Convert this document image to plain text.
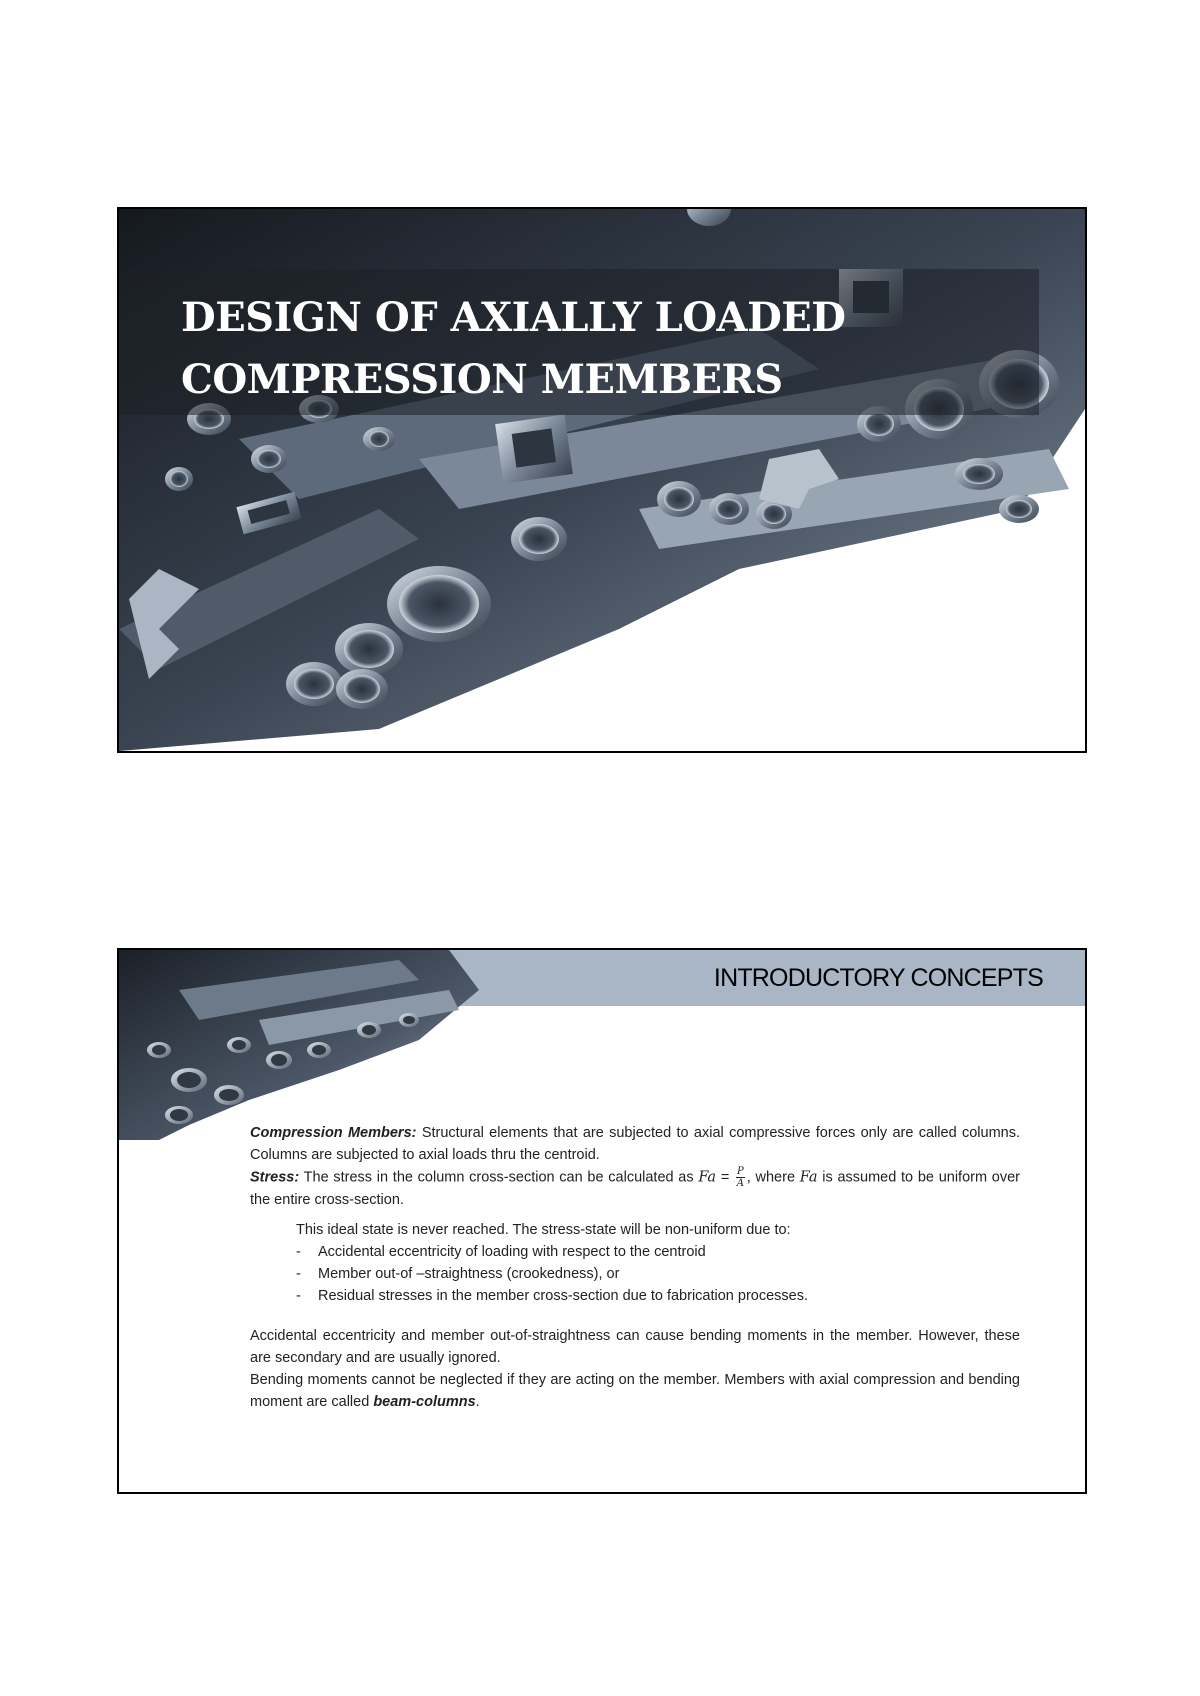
DESIGN OF AXIALLY LOADED
COMPRESSION MEMBERS
INTRODUCTORY CONCEPTS

Compression Members: Structural elements that are subjected to axial compressive forces only are called columns. Columns are subjected to axial loads thru the centroid.

Stress: The stress in the column cross-section can be calculated as $Fa = \frac{P}{A}$ , where Fa is assumed to be uniform over the entire cross-section.

This ideal state is never reached. The stress-state will be non-uniform due to:
- Accidental eccentricity of loading with respect to the centroid
- Member out-of –straightness (crookedness), or
- Residual stresses in the member cross-section due to fabrication processes.

Accidental eccentricity and member out-of-straightness can cause bending moments in the member. However, these are secondary and are usually ignored.

Bending moments cannot be neglected if they are acting on the member. Members with axial compression and bending moment are called beam-columns.
